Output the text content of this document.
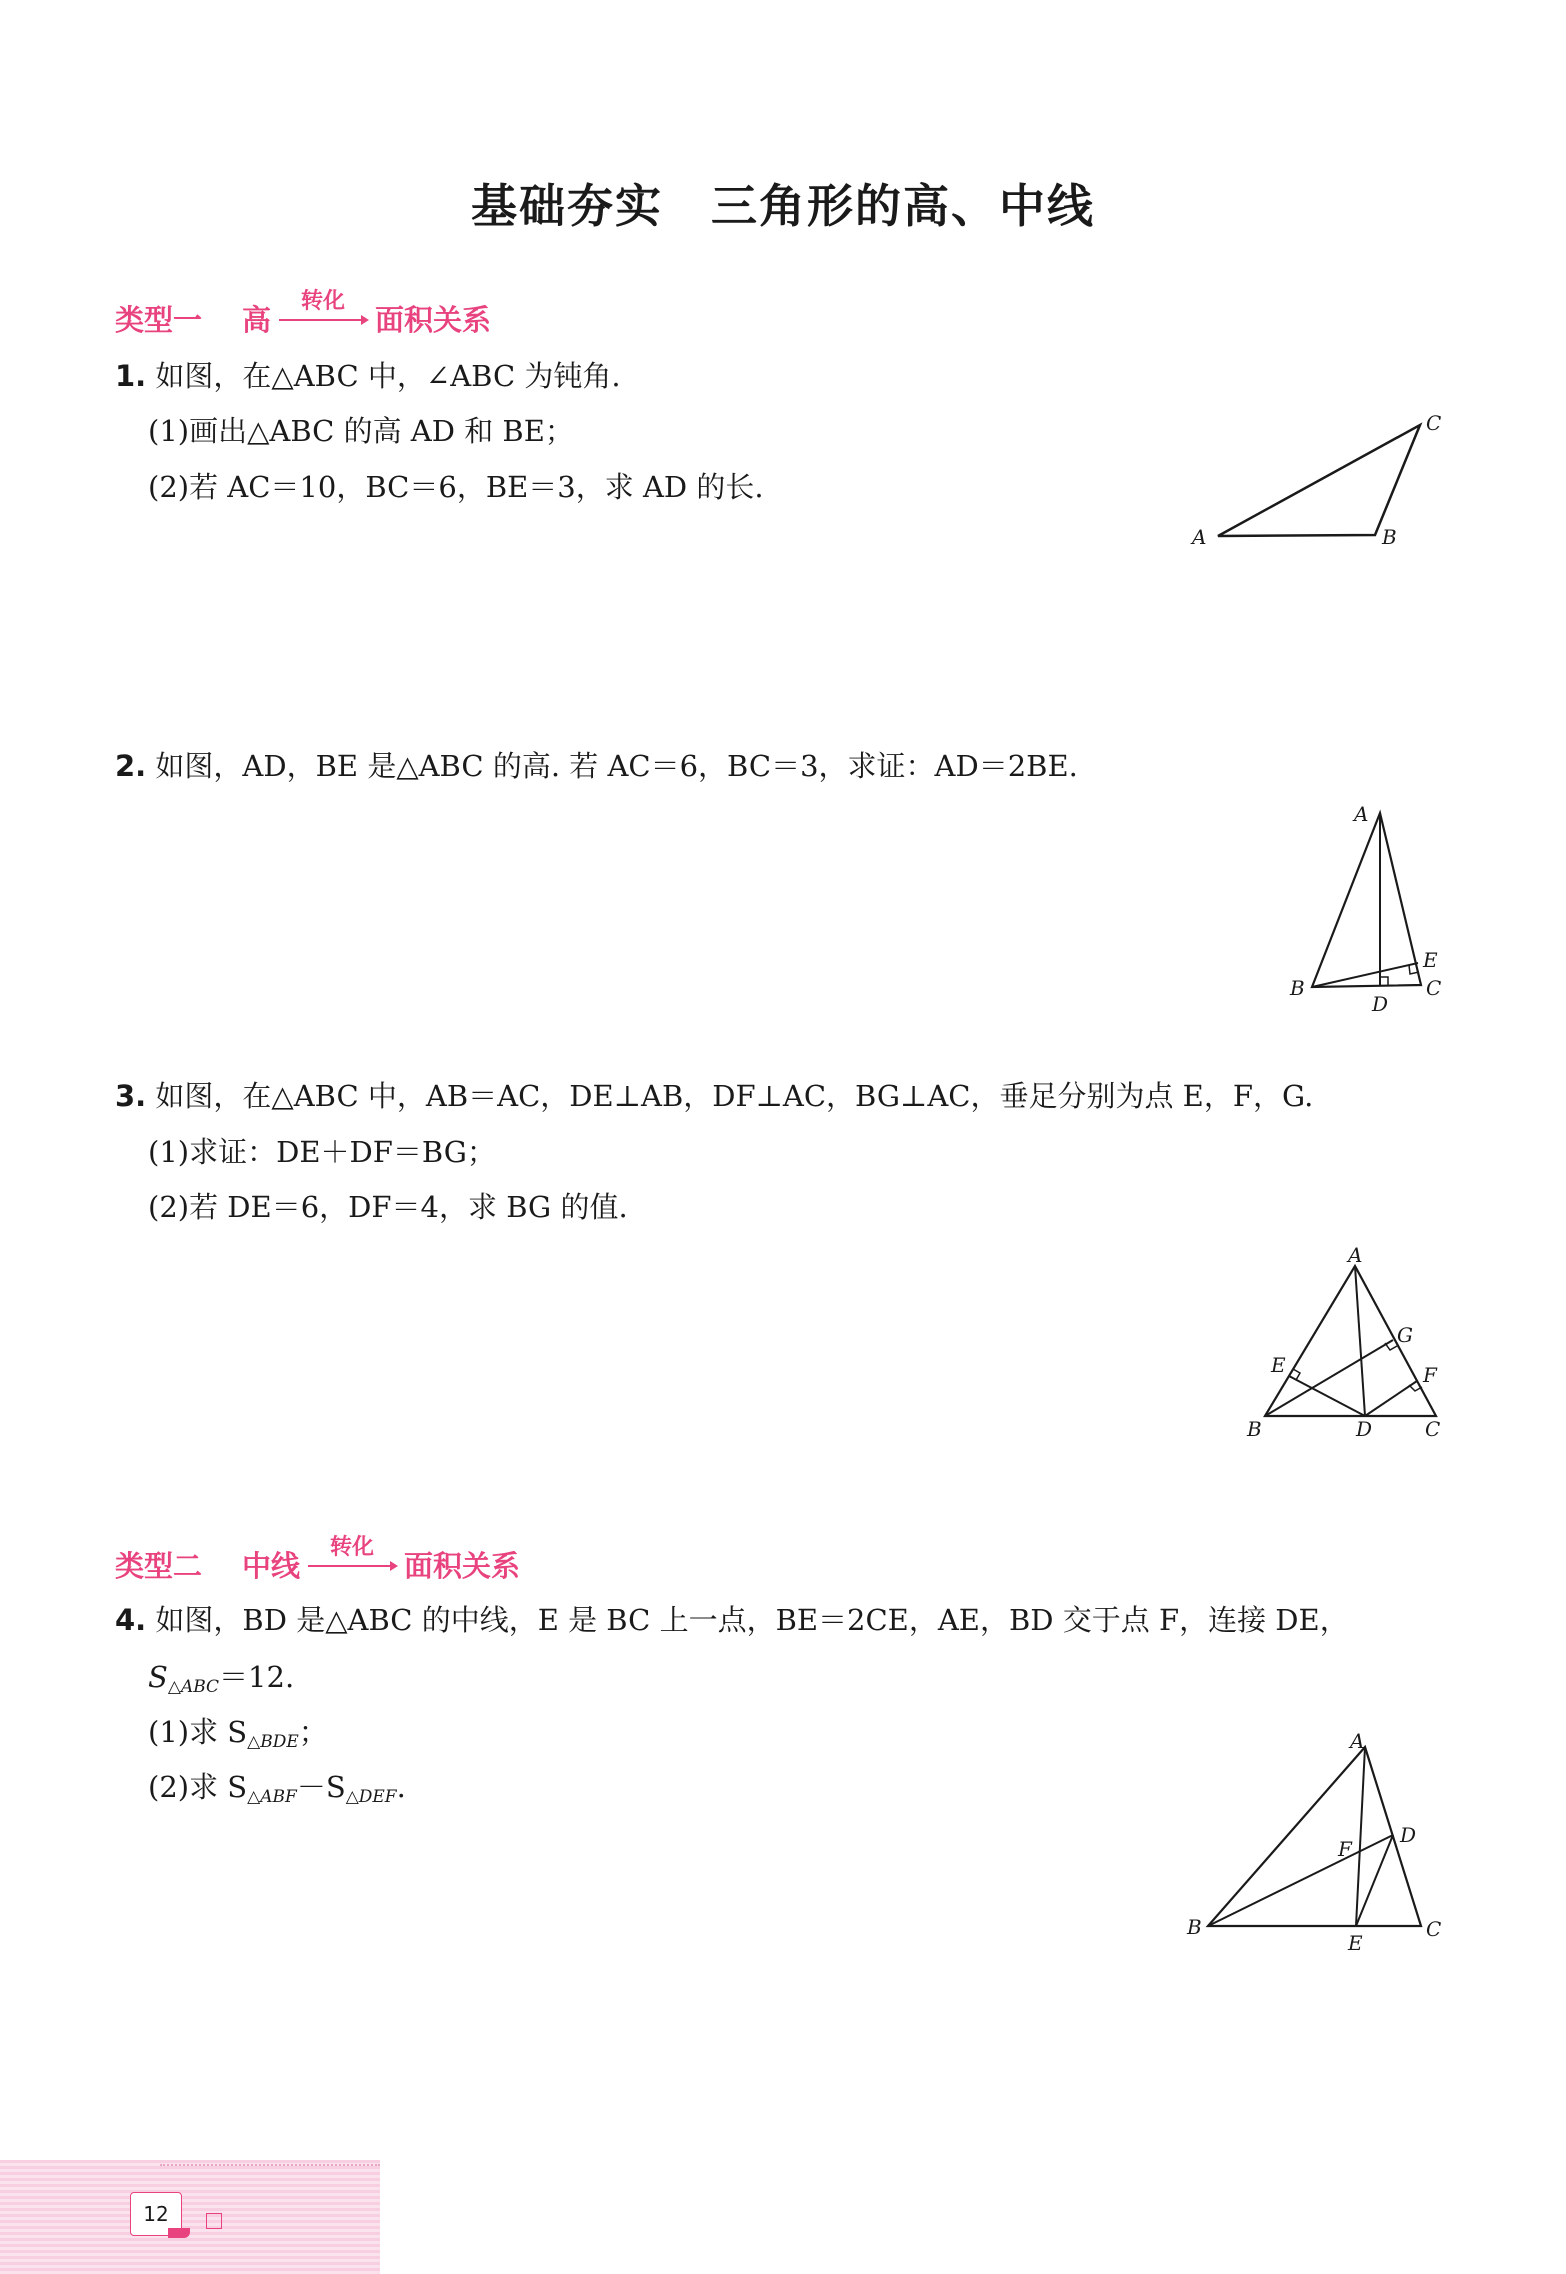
基础夯实　三角形的高、中线
类型一 高
转化
面积关系
1. 如图，在△ABC 中，∠ABC 为钝角.
(1)画出△ABC 的高 AD 和 BE；
(2)若 AC＝10，BC＝6，BE＝3，求 AD 的长.
A	B
C
2. 如图，AD，BE 是△ABC 的高. 若 AC＝6，BC＝3，求证：AD＝2BE.
A
B	C
D
E
3. 如图，在△ABC 中，AB＝AC，DE⊥AB，DF⊥AC，BG⊥AC，垂足分别为点 E，F，G.
(1)求证：DE＋DF＝BG；
(2)若 DE＝6，DF＝4，求 BG 的值.
A
B	C
D
E	F
G
类型二 中线
转化
面积关系
4. 如图，BD 是△ABC 的中线，E 是 BC 上一点，BE＝2CE，AE，BD 交于点 F，连接 DE，
$S_{\triangle ABC}=12$.
(1)求 $S_{\triangle BDE}$；
(2)求 $S_{\triangle ABF}-S_{\triangle DEF}$.
A
B	C
D
E
F
12
